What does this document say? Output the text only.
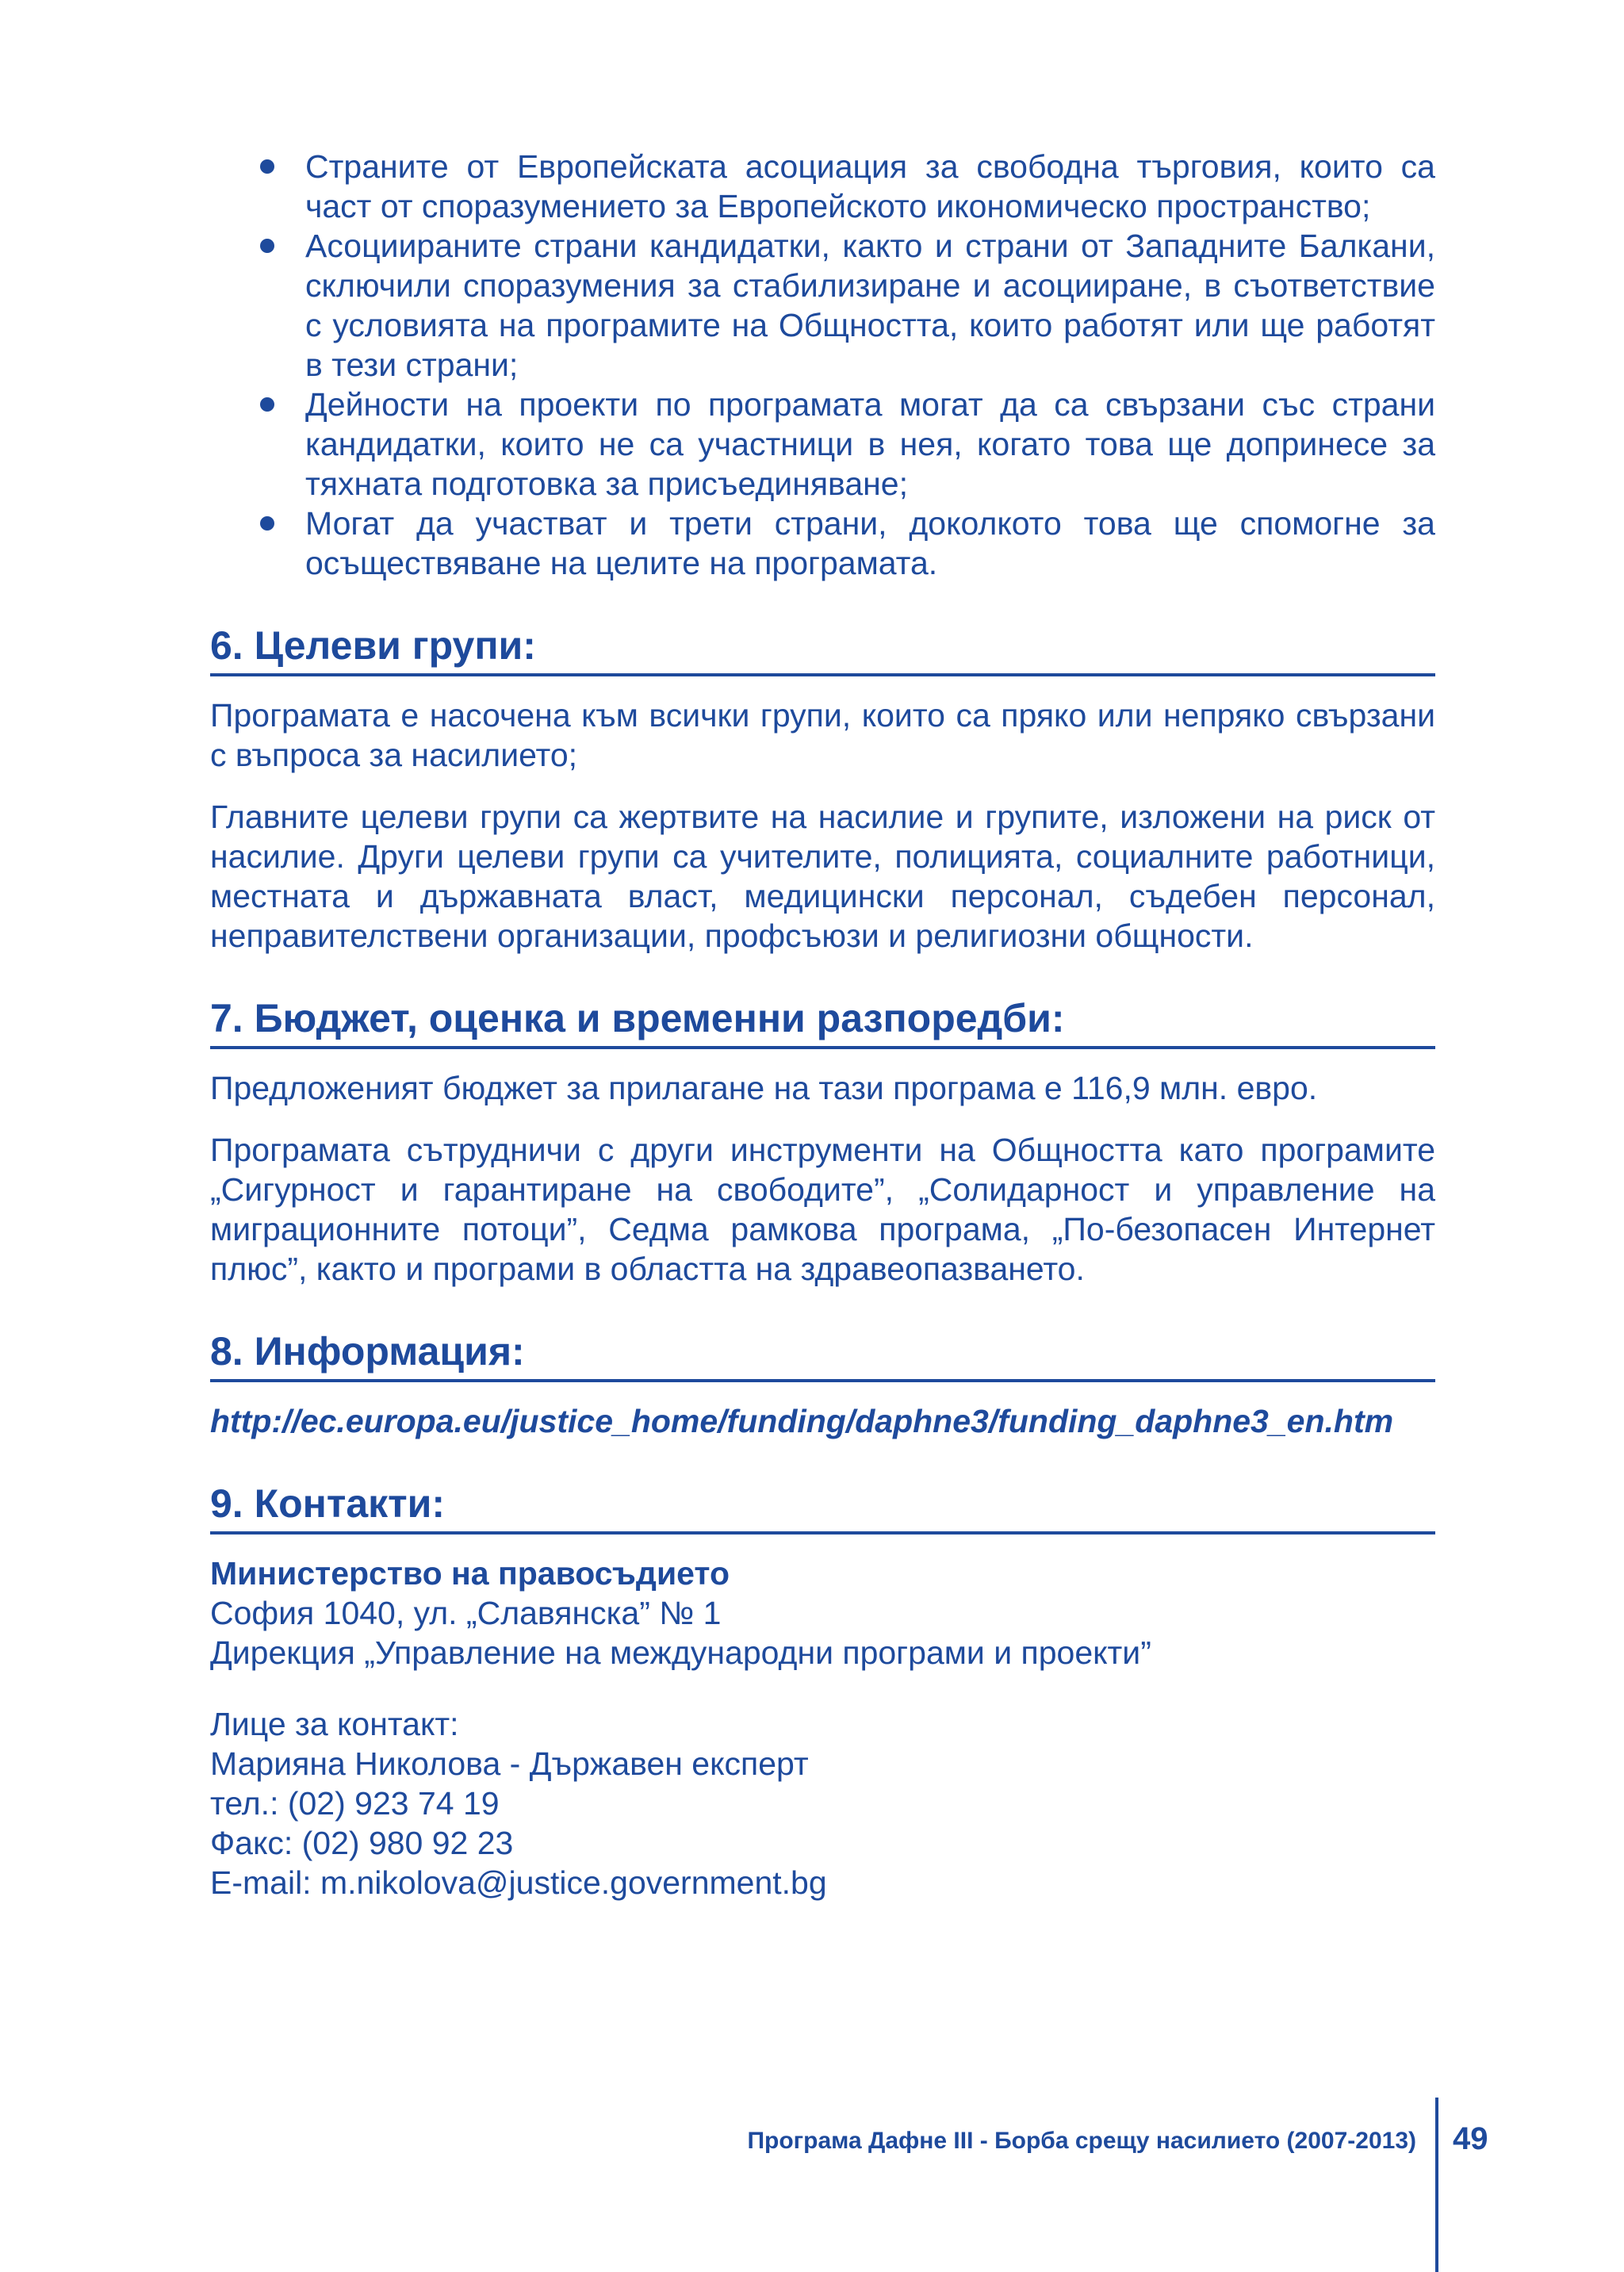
Страните от Европейската асоциация за свободна търговия, които са част от споразумението за Европейското икономическо пространство;
Асоциираните страни кандидатки, както и страни от Западните Балкани, сключили споразумения за стабилизиране и асоцииране, в съответствие с условията на програмите на Общността, които работят или ще работят в тези страни;
Дейности на проекти по програмата могат да са свързани със страни кандидатки, които не са участници в нея, когато това ще допринесе за тяхната подготовка за присъединяване;
Могат да участват и трети страни, доколкото това ще спомогне за осъществяване на целите на програмата.
6. Целеви групи:

Програмата е насочена към всички групи, които са пряко или непряко свързани с въпроса за насилието;

Главните целеви групи са жертвите на насилие и групите, изложени на риск от насилие. Други целеви групи са учителите, полицията, социалните работници, местната и държавната власт, медицински персонал, съдебен персонал, неправителствени организации, профсъюзи и религиозни общности.

7. Бюджет, оценка и временни разпоредби:

Предложеният бюджет за прилагане на тази програма е 116,9 млн. евро.

Програмата сътрудничи с други инструменти на Общността като програмите „Сигурност и гарантиране на свободите”, „Солидарност и управление на миграционните потоци”, Седма рамкова програма, „По-безопасен Интернет плюс”, както и програми в областта на здравеопазването.

8. Информация:

http://ec.europa.eu/justice_home/funding/daphne3/funding_daphne3_en.htm

9. Контакти:

Министерство на правосъдието

София 1040, ул. „Славянска” № 1

Дирекция „Управление на международни програми и проекти”

Лице за контакт:

Марияна Николова - Държавен експерт

тел.: (02) 923 74 19

Факс: (02) 980 92 23

E-mail: m.nikolova@justice.government.bg

Програма Дафне III - Борба срещу насилието (2007-2013) 49
